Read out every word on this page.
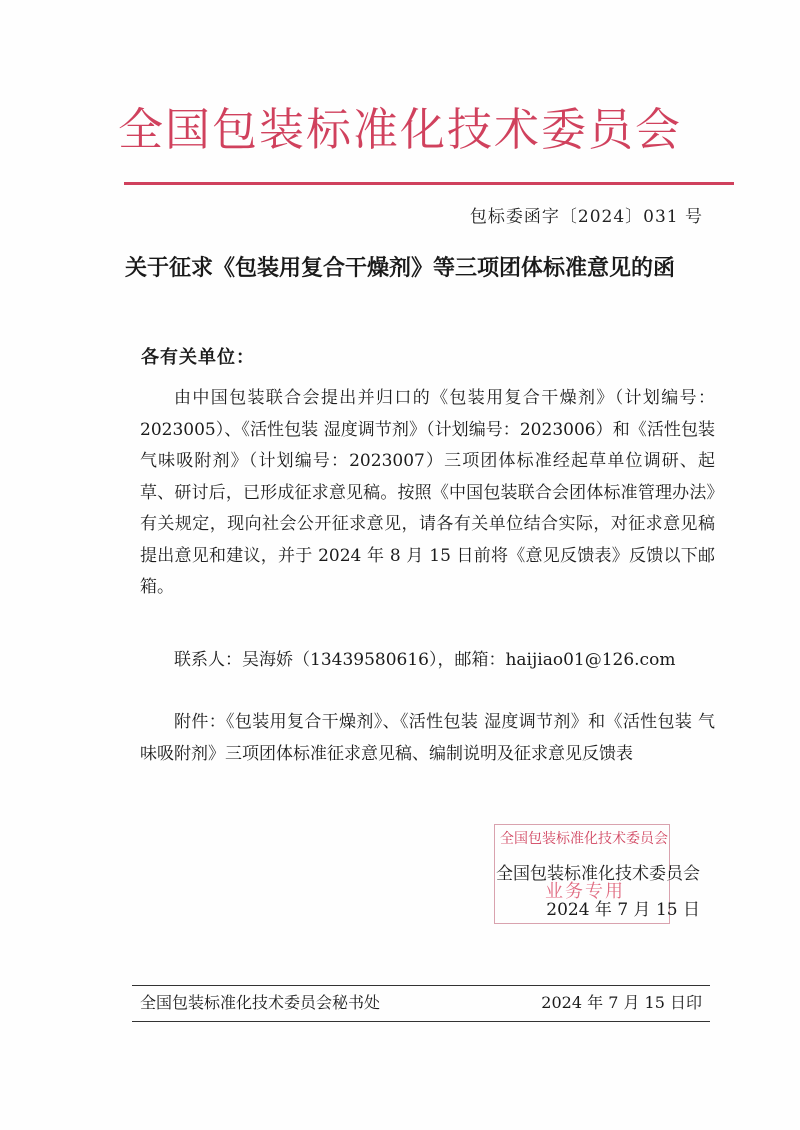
全国包装标准化技术委员会
包标委函字〔2024〕031 号
关于征求《包装用复合干燥剂》等三项团体标准意见的函
各有关单位：
由中国包装联合会提出并归口的《包装用复合干燥剂》（计划编号：2023005）、《活性包装 湿度调节剂》（计划编号：2023006）和《活性包装 气味吸附剂》（计划编号：2023007）三项团体标准经起草单位调研、起草、研讨后，已形成征求意见稿。按照《中国包装联合会团体标准管理办法》有关规定，现向社会公开征求意见，请各有关单位结合实际，对征求意见稿提出意见和建议，并于 2024 年 8 月 15 日前将《意见反馈表》反馈以下邮箱。
联系人：吴海娇（13439580616），邮箱：haijiao01@126.com
附件：《包装用复合干燥剂》、《活性包装 湿度调节剂》和《活性包装 气味吸附剂》三项团体标准征求意见稿、编制说明及征求意见反馈表
全国包装标准化技术委员会
业务专用
全国包装标准化技术委员会
2024 年 7 月 15 日
全国包装标准化技术委员会秘书处	2024 年 7 月 15 日印
